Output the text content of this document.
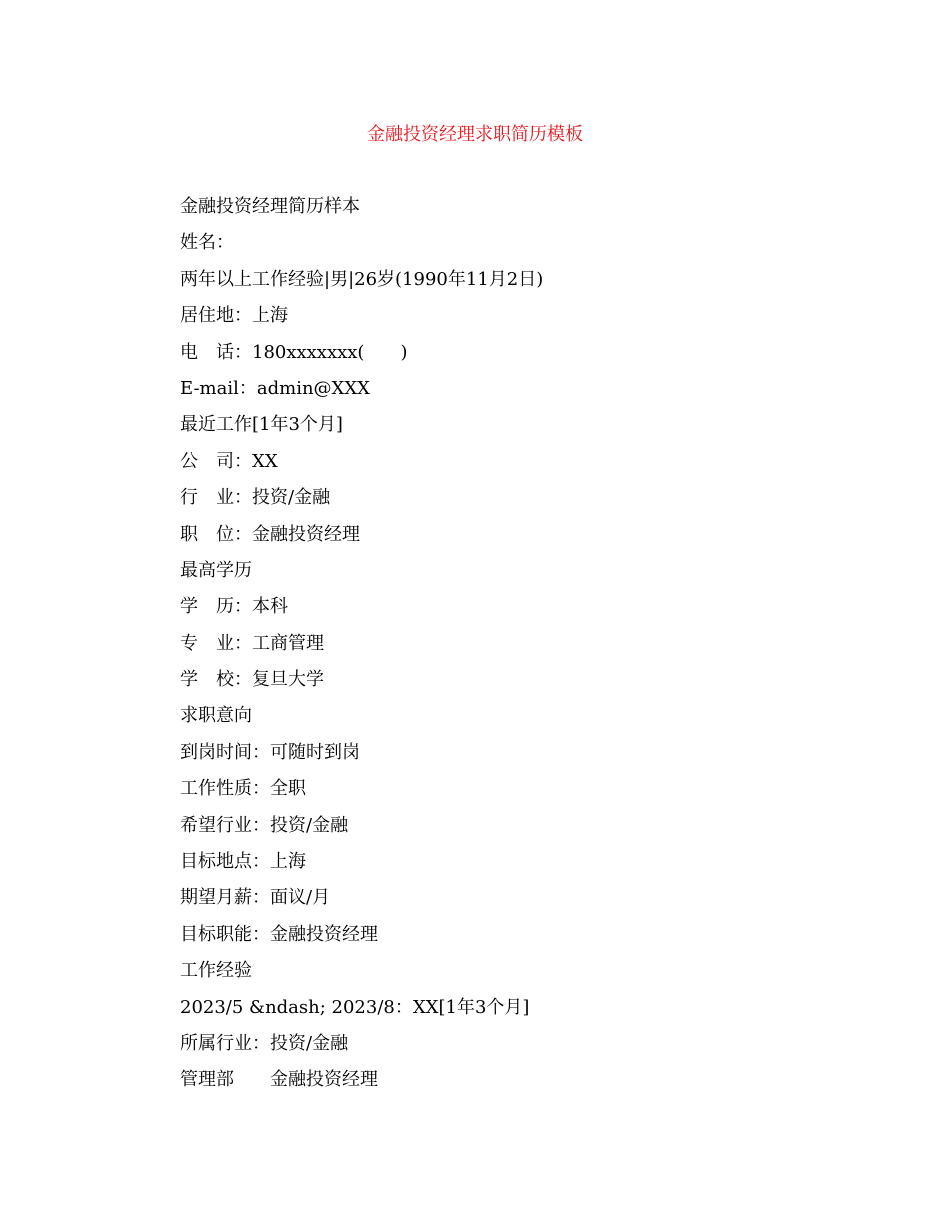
金融投资经理求职简历模板
金融投资经理简历样本
姓名：
两年以上工作经验|男|26岁(1990年11月2日)
居住地：上海
电　话：180xxxxxxx(　　)
E-mail：admin@XXX
最近工作[1年3个月]
公　司：XX
行　业：投资/金融
职　位：金融投资经理
最高学历
学　历：本科
专　业：工商管理
学　校：复旦大学
求职意向
到岗时间：可随时到岗
工作性质：全职
希望行业：投资/金融
目标地点：上海
期望月薪：面议/月
目标职能：金融投资经理
工作经验
2023/5 &ndash; 2023/8：XX[1年3个月]
所属行业：投资/金融
管理部　　金融投资经理
